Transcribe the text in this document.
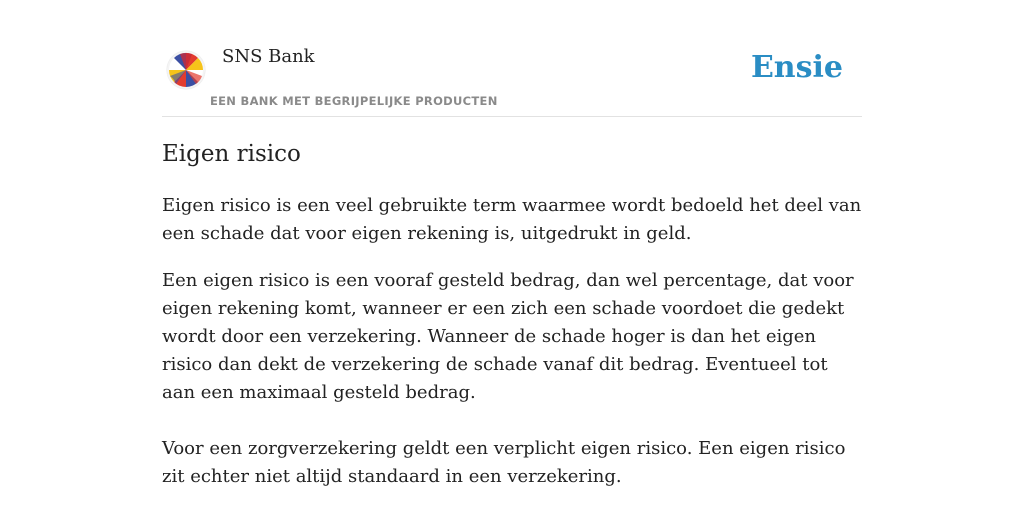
SNS Bank
EEN BANK MET BEGRIJPELIJKE PRODUCTEN
Ensie
Eigen risico

Eigen risico is een veel gebruikte term waarmee wordt bedoeld het deel van een schade dat voor eigen rekening is, uitgedrukt in geld.

Een eigen risico is een vooraf gesteld bedrag, dan wel percentage, dat voor eigen rekening komt, wanneer er een zich een schade voordoet die gedekt wordt door een verzekering. Wanneer de schade hoger is dan het eigen risico dan dekt de verzekering de schade vanaf dit bedrag. Eventueel tot aan een maximaal gesteld bedrag.

Voor een zorgverzekering geldt een verplicht eigen risico. Een eigen risico zit echter niet altijd standaard in een verzekering.
